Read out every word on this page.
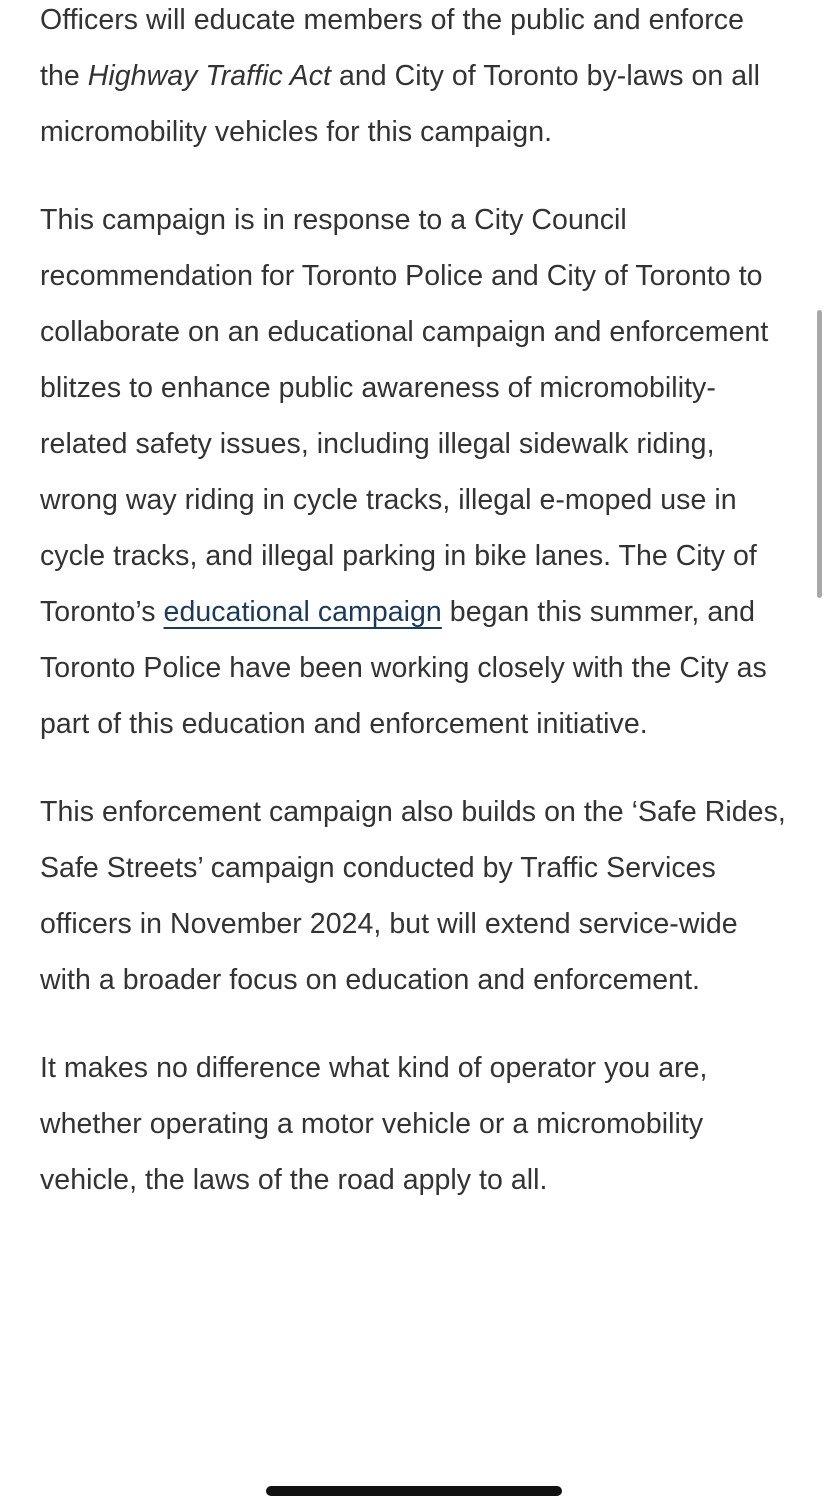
Officers will educate members of the public and enforce the Highway Traffic Act and City of Toronto by-laws on all micromobility vehicles for this campaign.

This campaign is in response to a City Council recommendation for Toronto Police and City of Toronto to collaborate on an educational campaign and enforcement blitzes to enhance public awareness of micromobility-related safety issues, including illegal sidewalk riding, wrong way riding in cycle tracks, illegal e-moped use in cycle tracks, and illegal parking in bike lanes. The City of Toronto’s educational campaign began this summer, and Toronto Police have been working closely with the City as part of this education and enforcement initiative.

This enforcement campaign also builds on the ‘Safe Rides, Safe Streets’ campaign conducted by Traffic Services officers in November 2024, but will extend service-wide with a broader focus on education and enforcement.

It makes no difference what kind of operator you are, whether operating a motor vehicle or a micromobility vehicle, the laws of the road apply to all.
